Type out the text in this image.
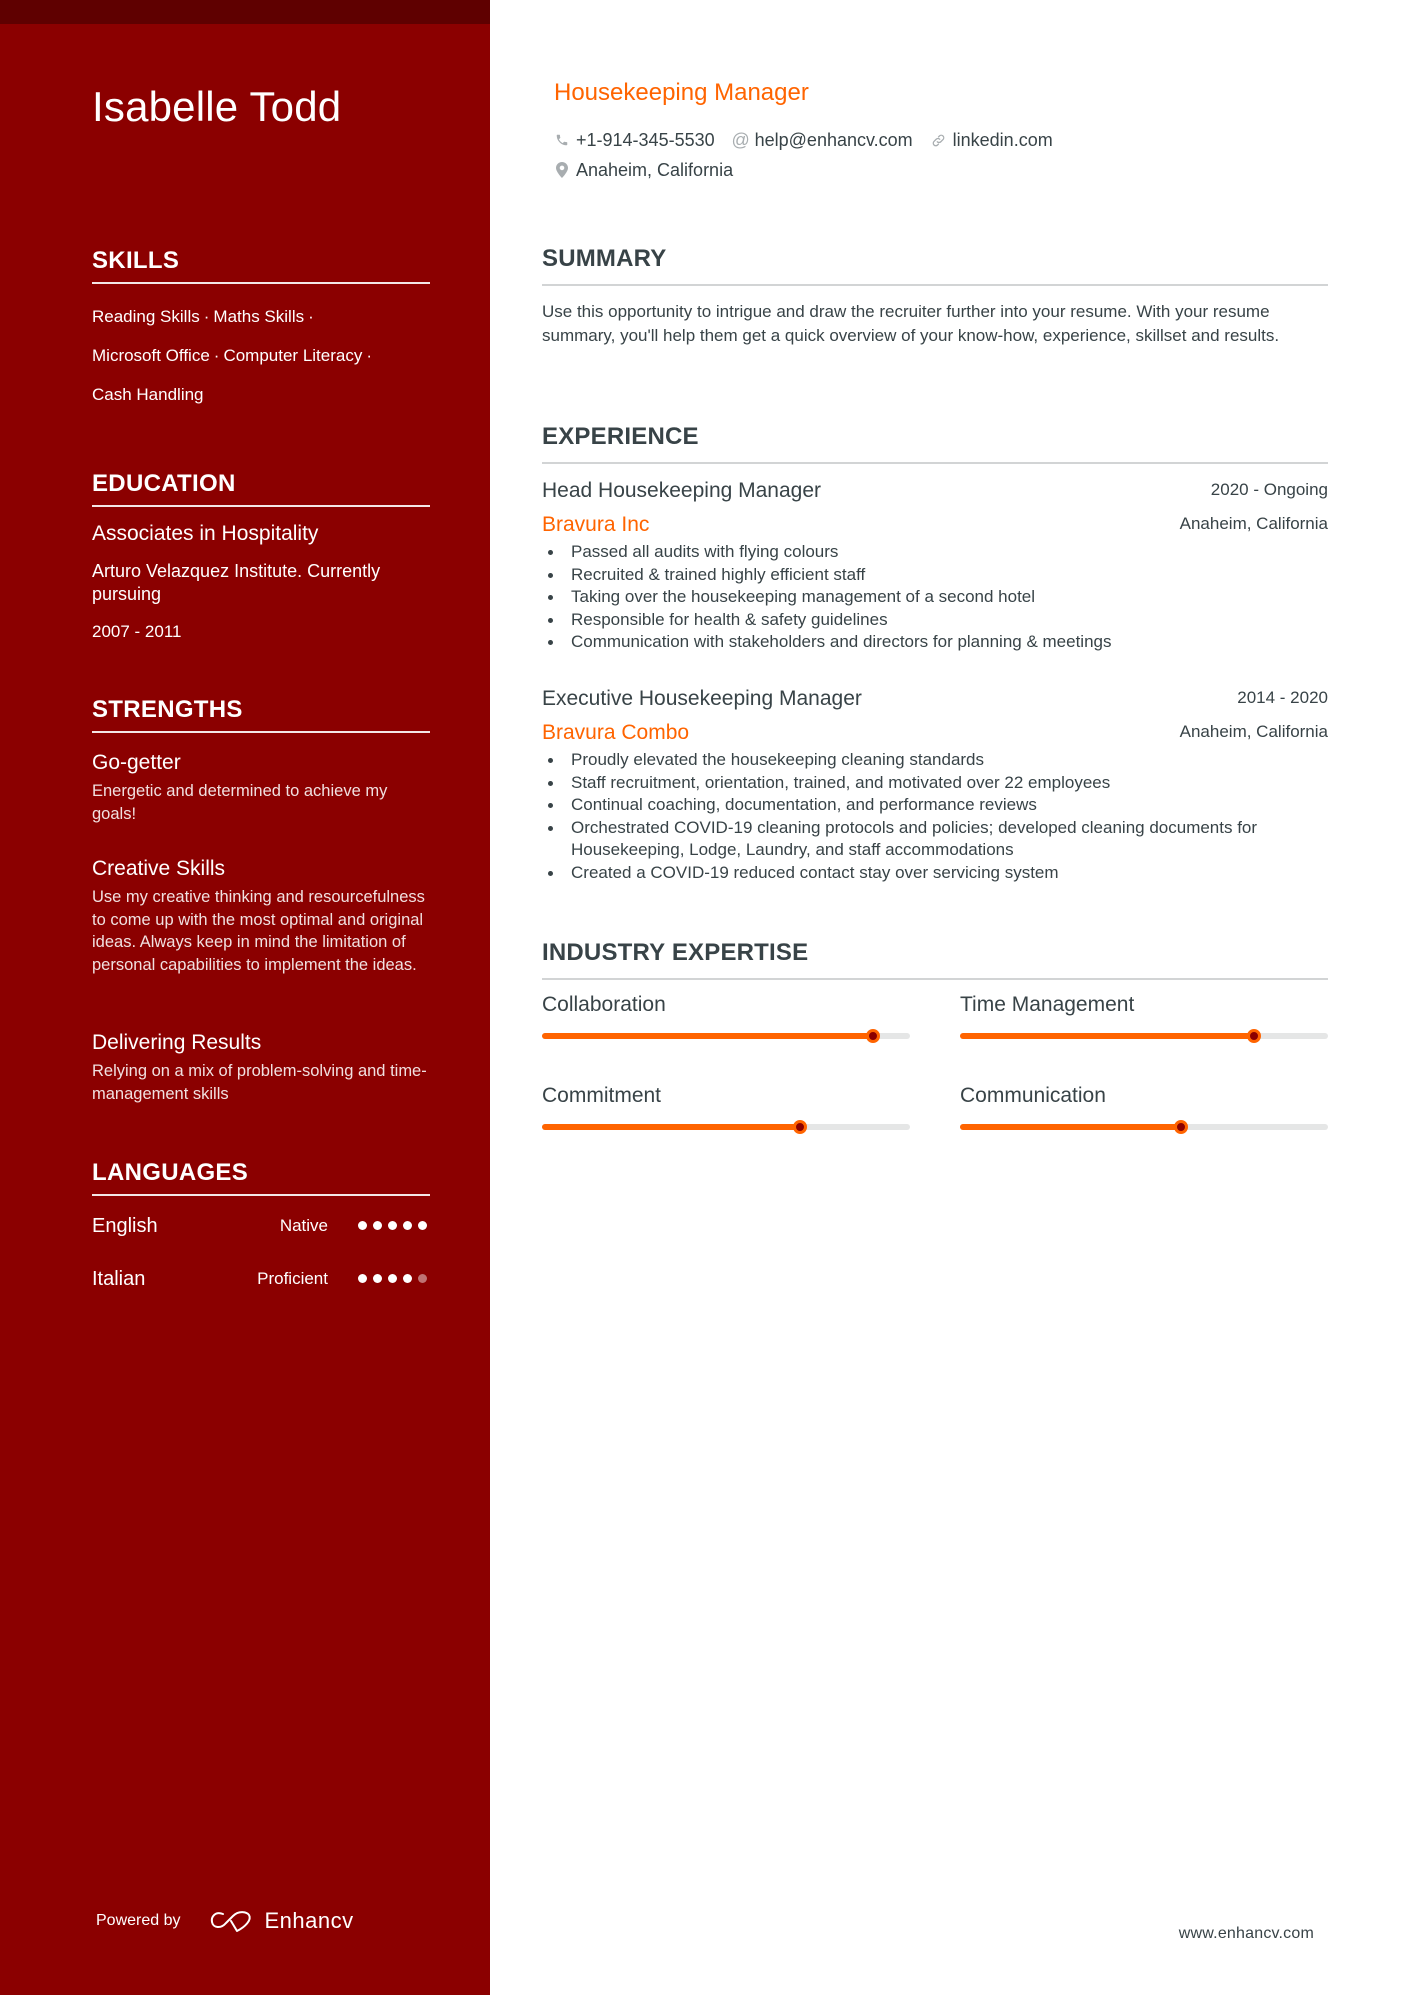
Isabelle Todd
SKILLS
Reading Skills · Maths Skills ·
Microsoft Office · Computer Literacy ·
Cash Handling
EDUCATION
Associates in Hospitality
Arturo Velazquez Institute. Currently pursuing
2007 - 2011
STRENGTHS
Go-getter
Energetic and determined to achieve my goals!
Creative Skills
Use my creative thinking and resourcefulness to come up with the most optimal and original ideas. Always keep in mind the limitation of personal capabilities to implement the ideas.
Delivering Results
Relying on a mix of problem-solving and time-management skills
LANGUAGES
English	Native
Italian	Proficient
Powered by	Enhancv
Housekeeping Manager
+1-914-345-5530 @ help@enhancv.com linkedin.com
Anaheim, California
SUMMARY

Use this opportunity to intrigue and draw the recruiter further into your resume. With your resume summary, you'll help them get a quick overview of your know-how, experience, skillset and results.

EXPERIENCE
Head Housekeeping Manager	2020 - Ongoing
Bravura Inc	Anaheim, California
Passed all audits with flying colours
Recruited & trained highly efficient staff
Taking over the housekeeping management of a second hotel
Responsible for health & safety guidelines
Communication with stakeholders and directors for planning & meetings
Executive Housekeeping Manager	2014 - 2020
Bravura Combo	Anaheim, California
Proudly elevated the housekeeping cleaning standards
Staff recruitment, orientation, trained, and motivated over 22 employees
Continual coaching, documentation, and performance reviews
Orchestrated COVID-19 cleaning protocols and policies; developed cleaning documents for Housekeeping, Lodge, Laundry, and staff accommodations
Created a COVID-19 reduced contact stay over servicing system
INDUSTRY EXPERTISE
Collaboration	Time Management
Commitment	Communication
www.enhancv.com
